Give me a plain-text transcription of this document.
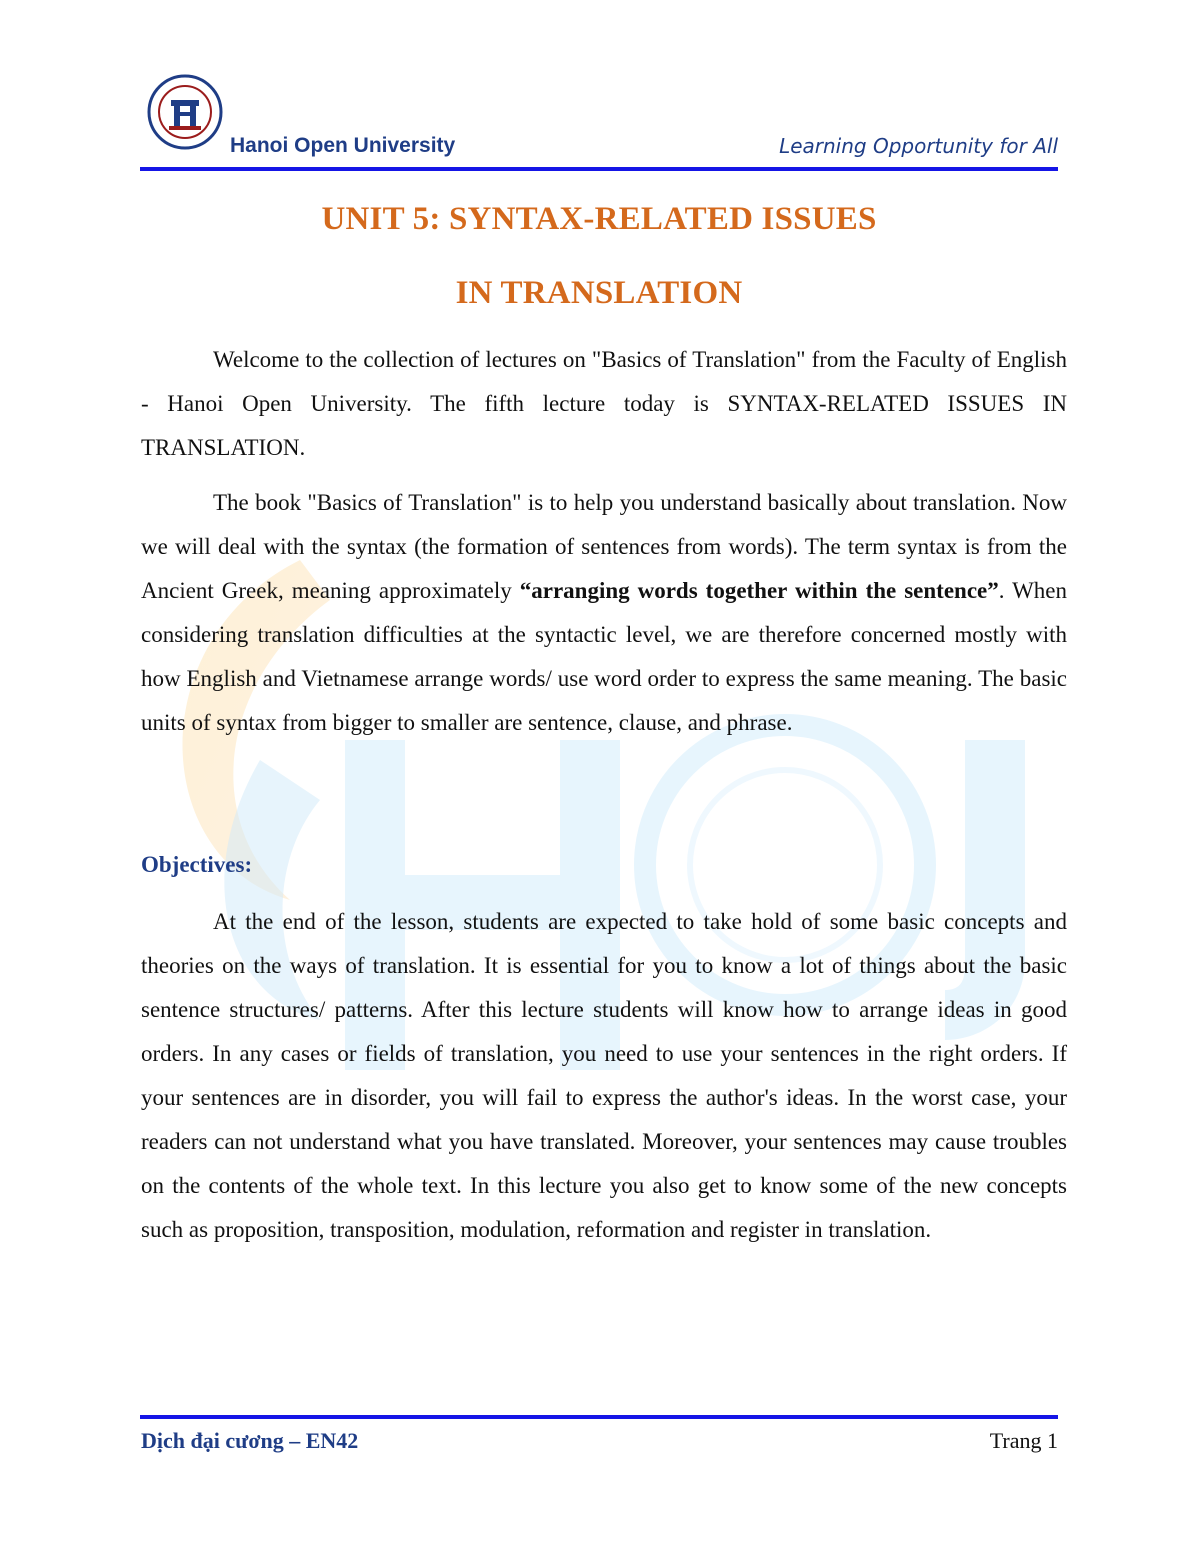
Hanoi Open University	Learning Opportunity for All
UNIT 5: SYNTAX-RELATED ISSUES
IN TRANSLATION

Welcome to the collection of lectures on "Basics of Translation" from the Faculty of English - Hanoi Open University. The fifth lecture today is SYNTAX-RELATED ISSUES IN TRANSLATION.

The book "Basics of Translation" is to help you understand basically about translation. Now we will deal with the syntax (the formation of sentences from words). The term syntax is from the Ancient Greek, meaning approximately “arranging words together within the sentence”. When considering translation difficulties at the syntactic level, we are therefore concerned mostly with how English and Vietnamese arrange words/ use word order to express the same meaning. The basic units of syntax from bigger to smaller are sentence, clause, and phrase.

Objectives:

At the end of the lesson, students are expected to take hold of some basic concepts and theories on the ways of translation. It is essential for you to know a lot of things about the basic sentence structures/ patterns. After this lecture students will know how to arrange ideas in good orders. In any cases or fields of translation, you need to use your sentences in the right orders. If your sentences are in disorder, you will fail to express the author's ideas. In the worst case, your readers can not understand what you have translated. Moreover, your sentences may cause troubles on the contents of the whole text. In this lecture you also get to know some of the new concepts such as proposition, transposition, modulation, reformation and register in translation.

Dịch đại cương – EN42	Trang 1
